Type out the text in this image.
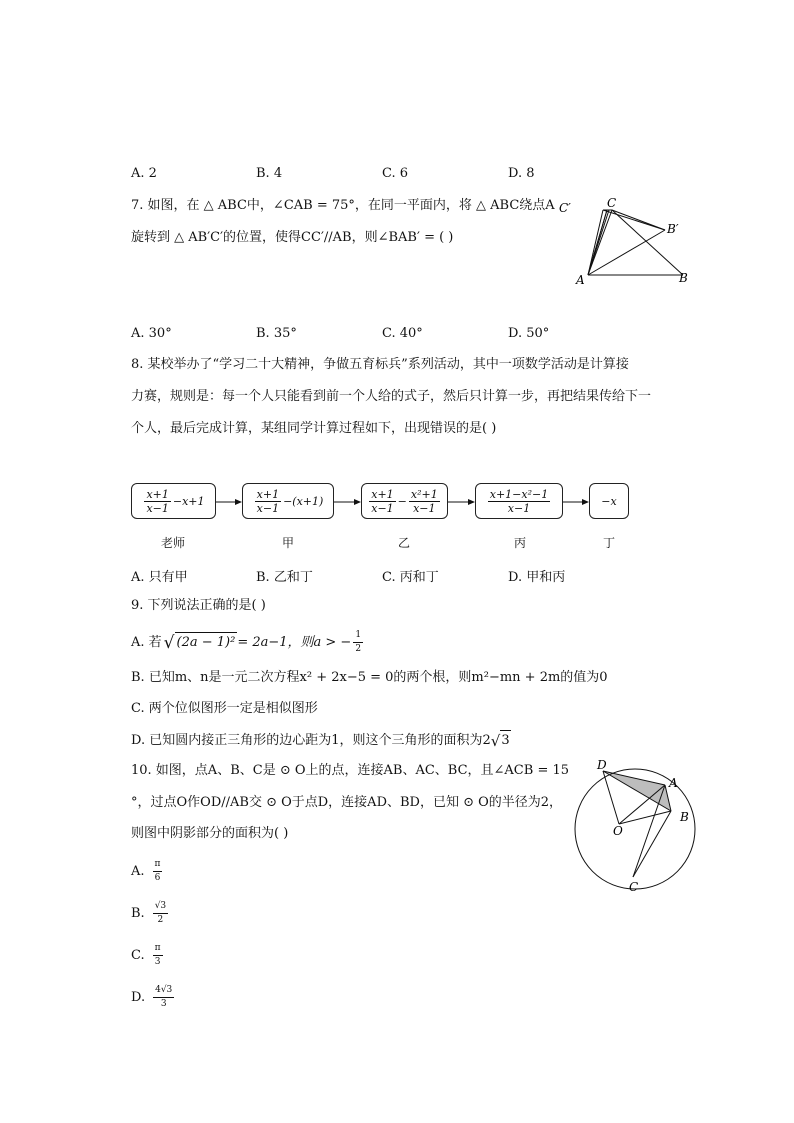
A. 2	B. 4	C. 6	D. 8
7. 如图，在 △ ABC中，∠CAB = 75°，在同一平面内，将 △ ABC绕点A
旋转到 △ AB′C′的位置，使得CC′//AB，则∠BAB′ = ( )
C′	C
B′
A	B
A. 30°	B. 35°	C. 40°	D. 50°
8. 某校举办了“学习二十大精神，争做五育标兵”系列活动，其中一项数学活动是计算接
力赛，规则是：每一个人只能看到前一个人给的式子，然后只计算一步，再把结果传给下一
个人，最后完成计算，某组同学计算过程如下，出现错误的是( )
$\frac{x+1}{x-1} -x+1$	$\frac{x+1}{x-1} -(x+1)$	$\frac{x+1}{x-1} - \frac{\text{x²+1}}{x-1}$	$\frac{\text{x+1−x²−1}}{x-1}$	−x
老师	甲	乙	丙	丁
A. 只有甲	B. 乙和丁	C. 丙和丁	D. 甲和丙
9. 下列说法正确的是( )
A. 若 √ (2a − 1)² = 2a−1，则a > − $\frac{1}{2}$
B. 已知m、n是一元二次方程x² + 2x−5 = 0的两个根，则m²−mn + 2m的值为0
C. 两个位似图形一定是相似图形
D. 已知圆内接正三角形的边心距为1，则这个三角形的面积为2 √ 3
10. 如图，点A、B、C是 ⊙ O上的点，连接AB、AC、BC，且∠ACB = 15
°，过点O作OD//AB交 ⊙ O于点D，连接AD、BD，已知 ⊙ O的半径为2，
则图中阴影部分的面积为( )
D
A
B
O
C
A. $\frac{\pi}{6}$
B. $\frac{√3}{2}$
C. $\frac{\pi}{3}$
D. $\frac{4√3}{3}$
